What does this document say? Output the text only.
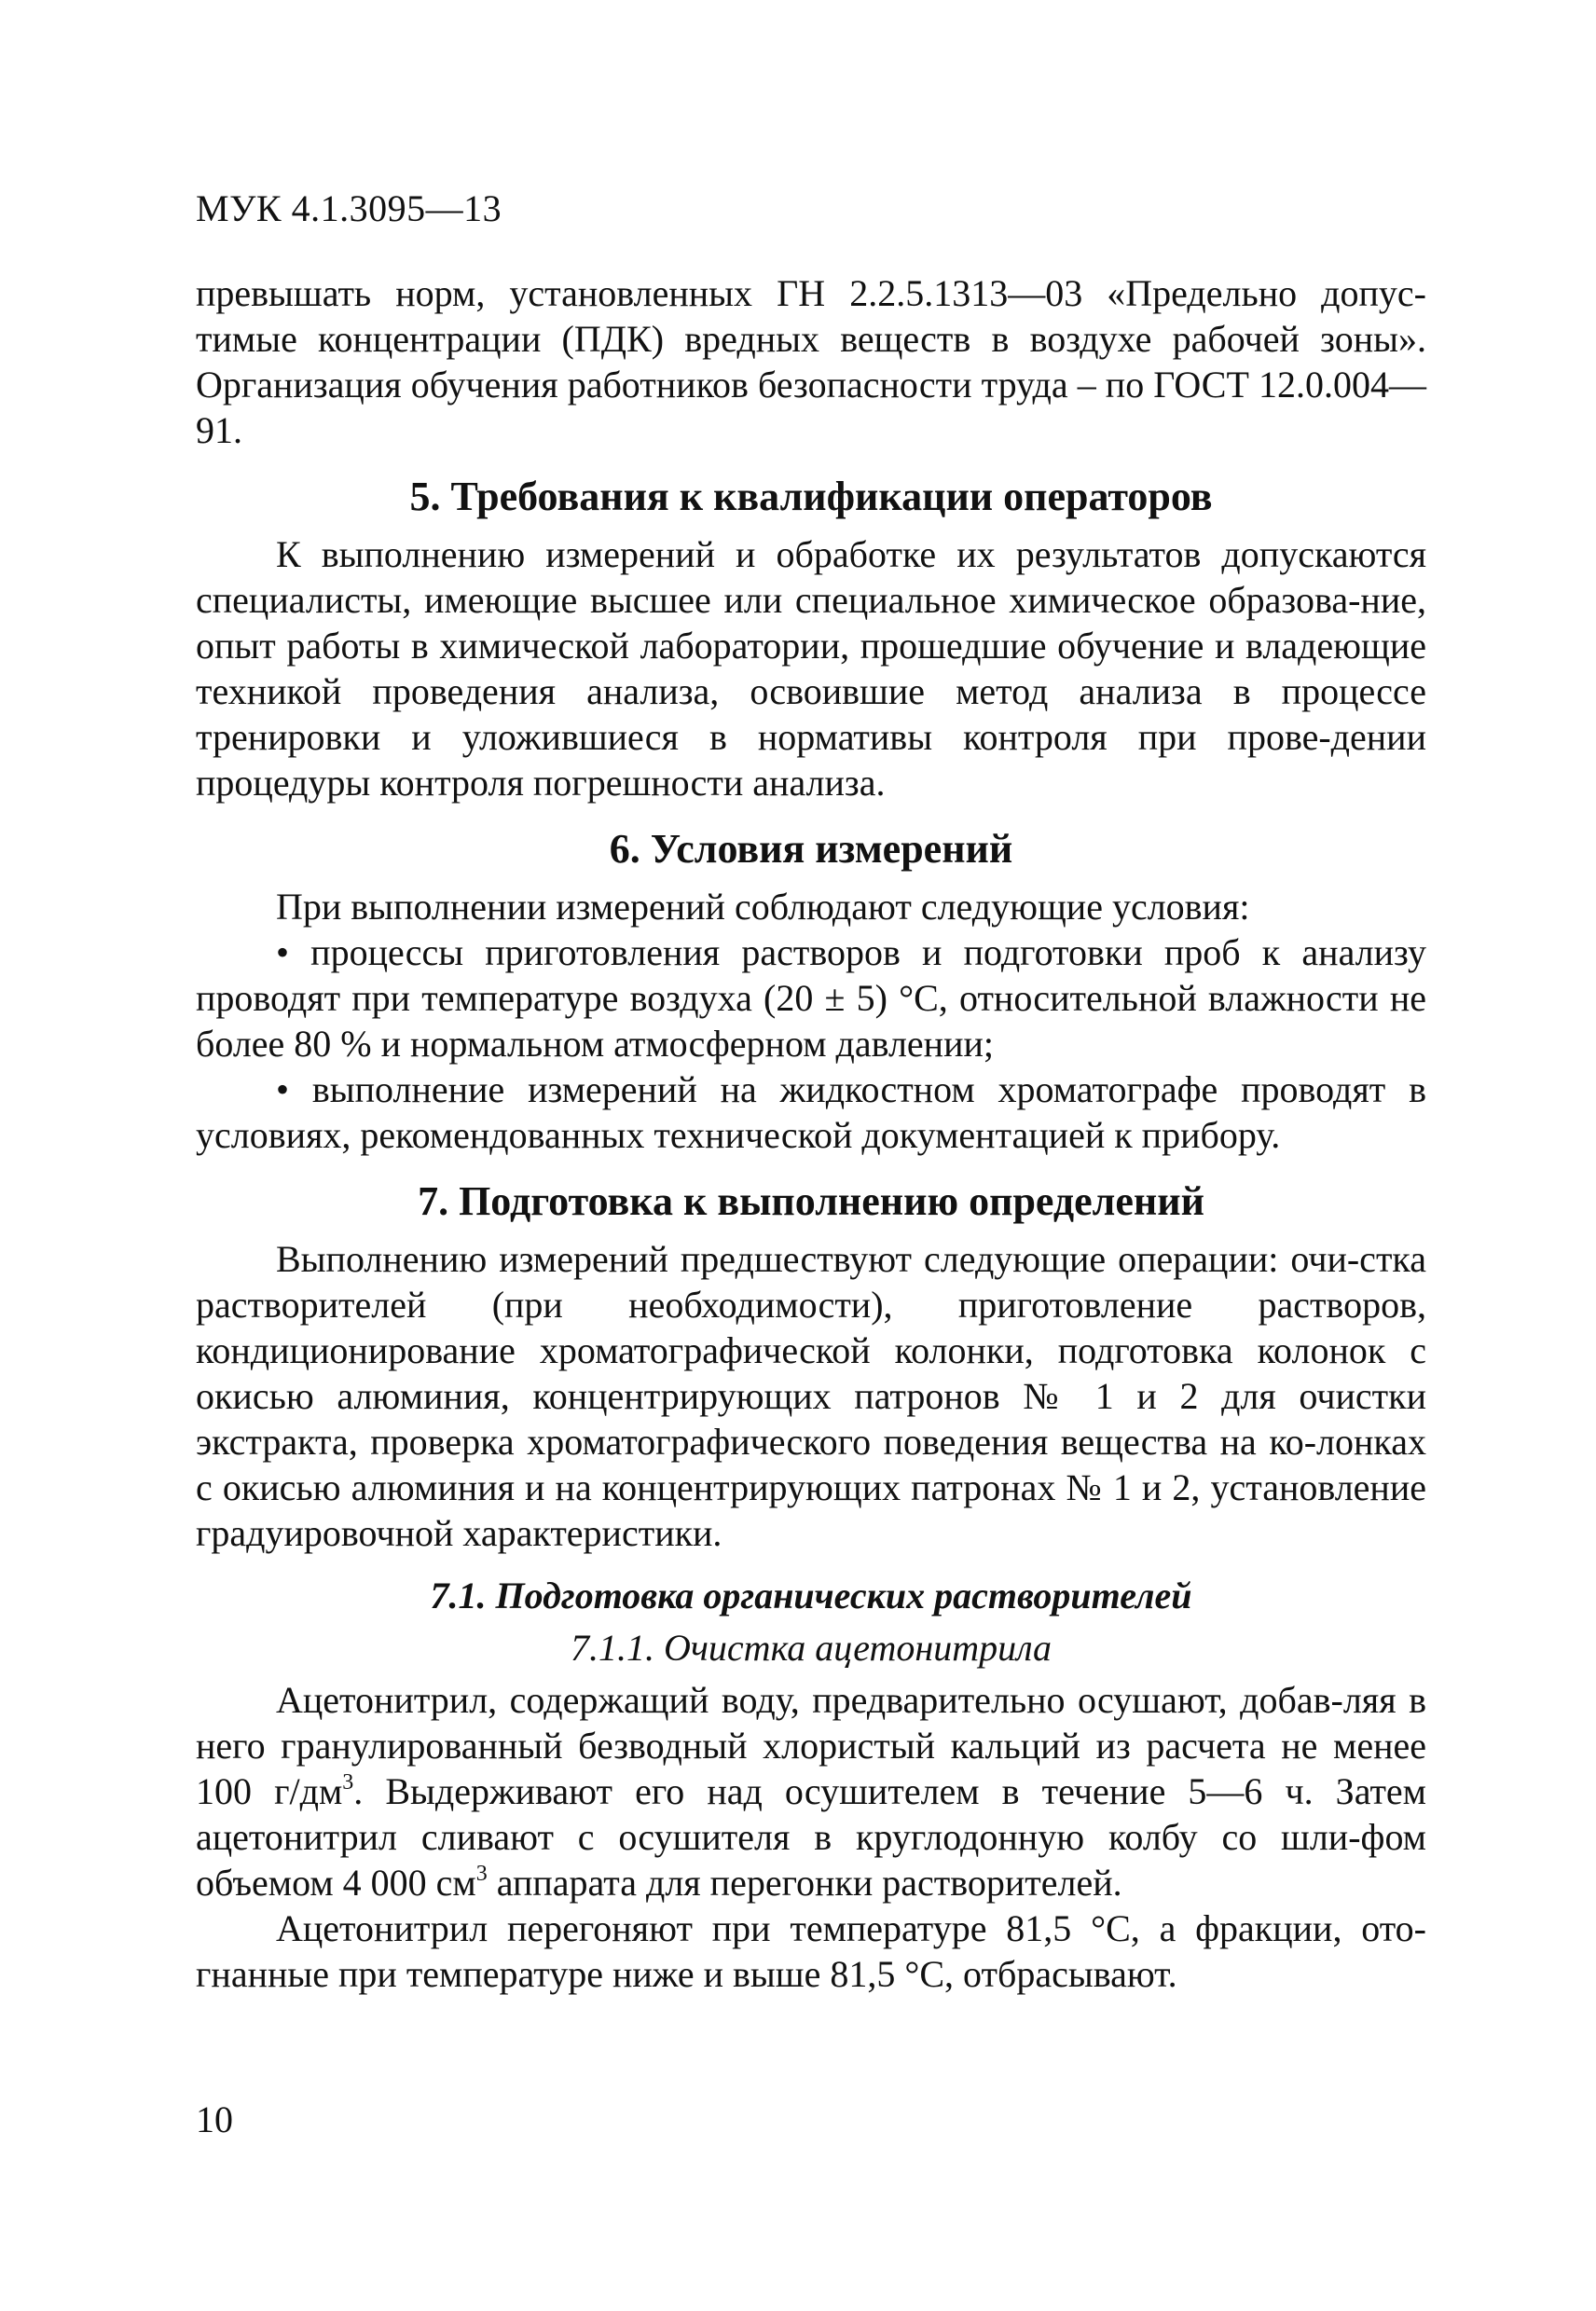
МУК 4.1.3095—13

превышать норм, установленных ГН 2.2.5.1313—03 «Предельно допус-тимые концентрации (ПДК) вредных веществ в воздухе рабочей зоны». Организация обучения работников безопасности труда – по ГОСТ 12.0.004—91.

5. Требования к квалификации операторов

К выполнению измерений и обработке их результатов допускаются специалисты, имеющие высшее или специальное химическое образова-ние, опыт работы в химической лаборатории, прошедшие обучение и владеющие техникой проведения анализа, освоившие метод анализа в процессе тренировки и уложившиеся в нормативы контроля при прове-дении процедуры контроля погрешности анализа.

6. Условия измерений

При выполнении измерений соблюдают следующие условия:

• процессы приготовления растворов и подготовки проб к анализу проводят при температуре воздуха (20 ± 5) °С, относительной влажности не более 80 % и нормальном атмосферном давлении;

• выполнение измерений на жидкостном хроматографе проводят в условиях, рекомендованных технической документацией к прибору.

7. Подготовка к выполнению определений

Выполнению измерений предшествуют следующие операции: очи-стка растворителей (при необходимости), приготовление растворов, кондиционирование хроматографической колонки, подготовка колонок с окисью алюминия, концентрирующих патронов № 1 и 2 для очистки экстракта, проверка хроматографического поведения вещества на ко-лонках с окисью алюминия и на концентрирующих патронах № 1 и 2, установление градуировочной характеристики.

7.1. Подготовка органических растворителей
7.1.1. Очистка ацетонитрила

Ацетонитрил, содержащий воду, предварительно осушают, добав-ляя в него гранулированный безводный хлористый кальций из расчета не менее 100 $г/дм^3$. Выдерживают его над осушителем в течение 5—6 ч. Затем ацетонитрил сливают с осушителя в круглодонную колбу со шли-фом объемом 4 000 $см^3$ аппарата для перегонки растворителей.

Ацетонитрил перегоняют при температуре 81,5 °С, а фракции, ото-гнанные при температуре ниже и выше 81,5 °С, отбрасывают.

10
